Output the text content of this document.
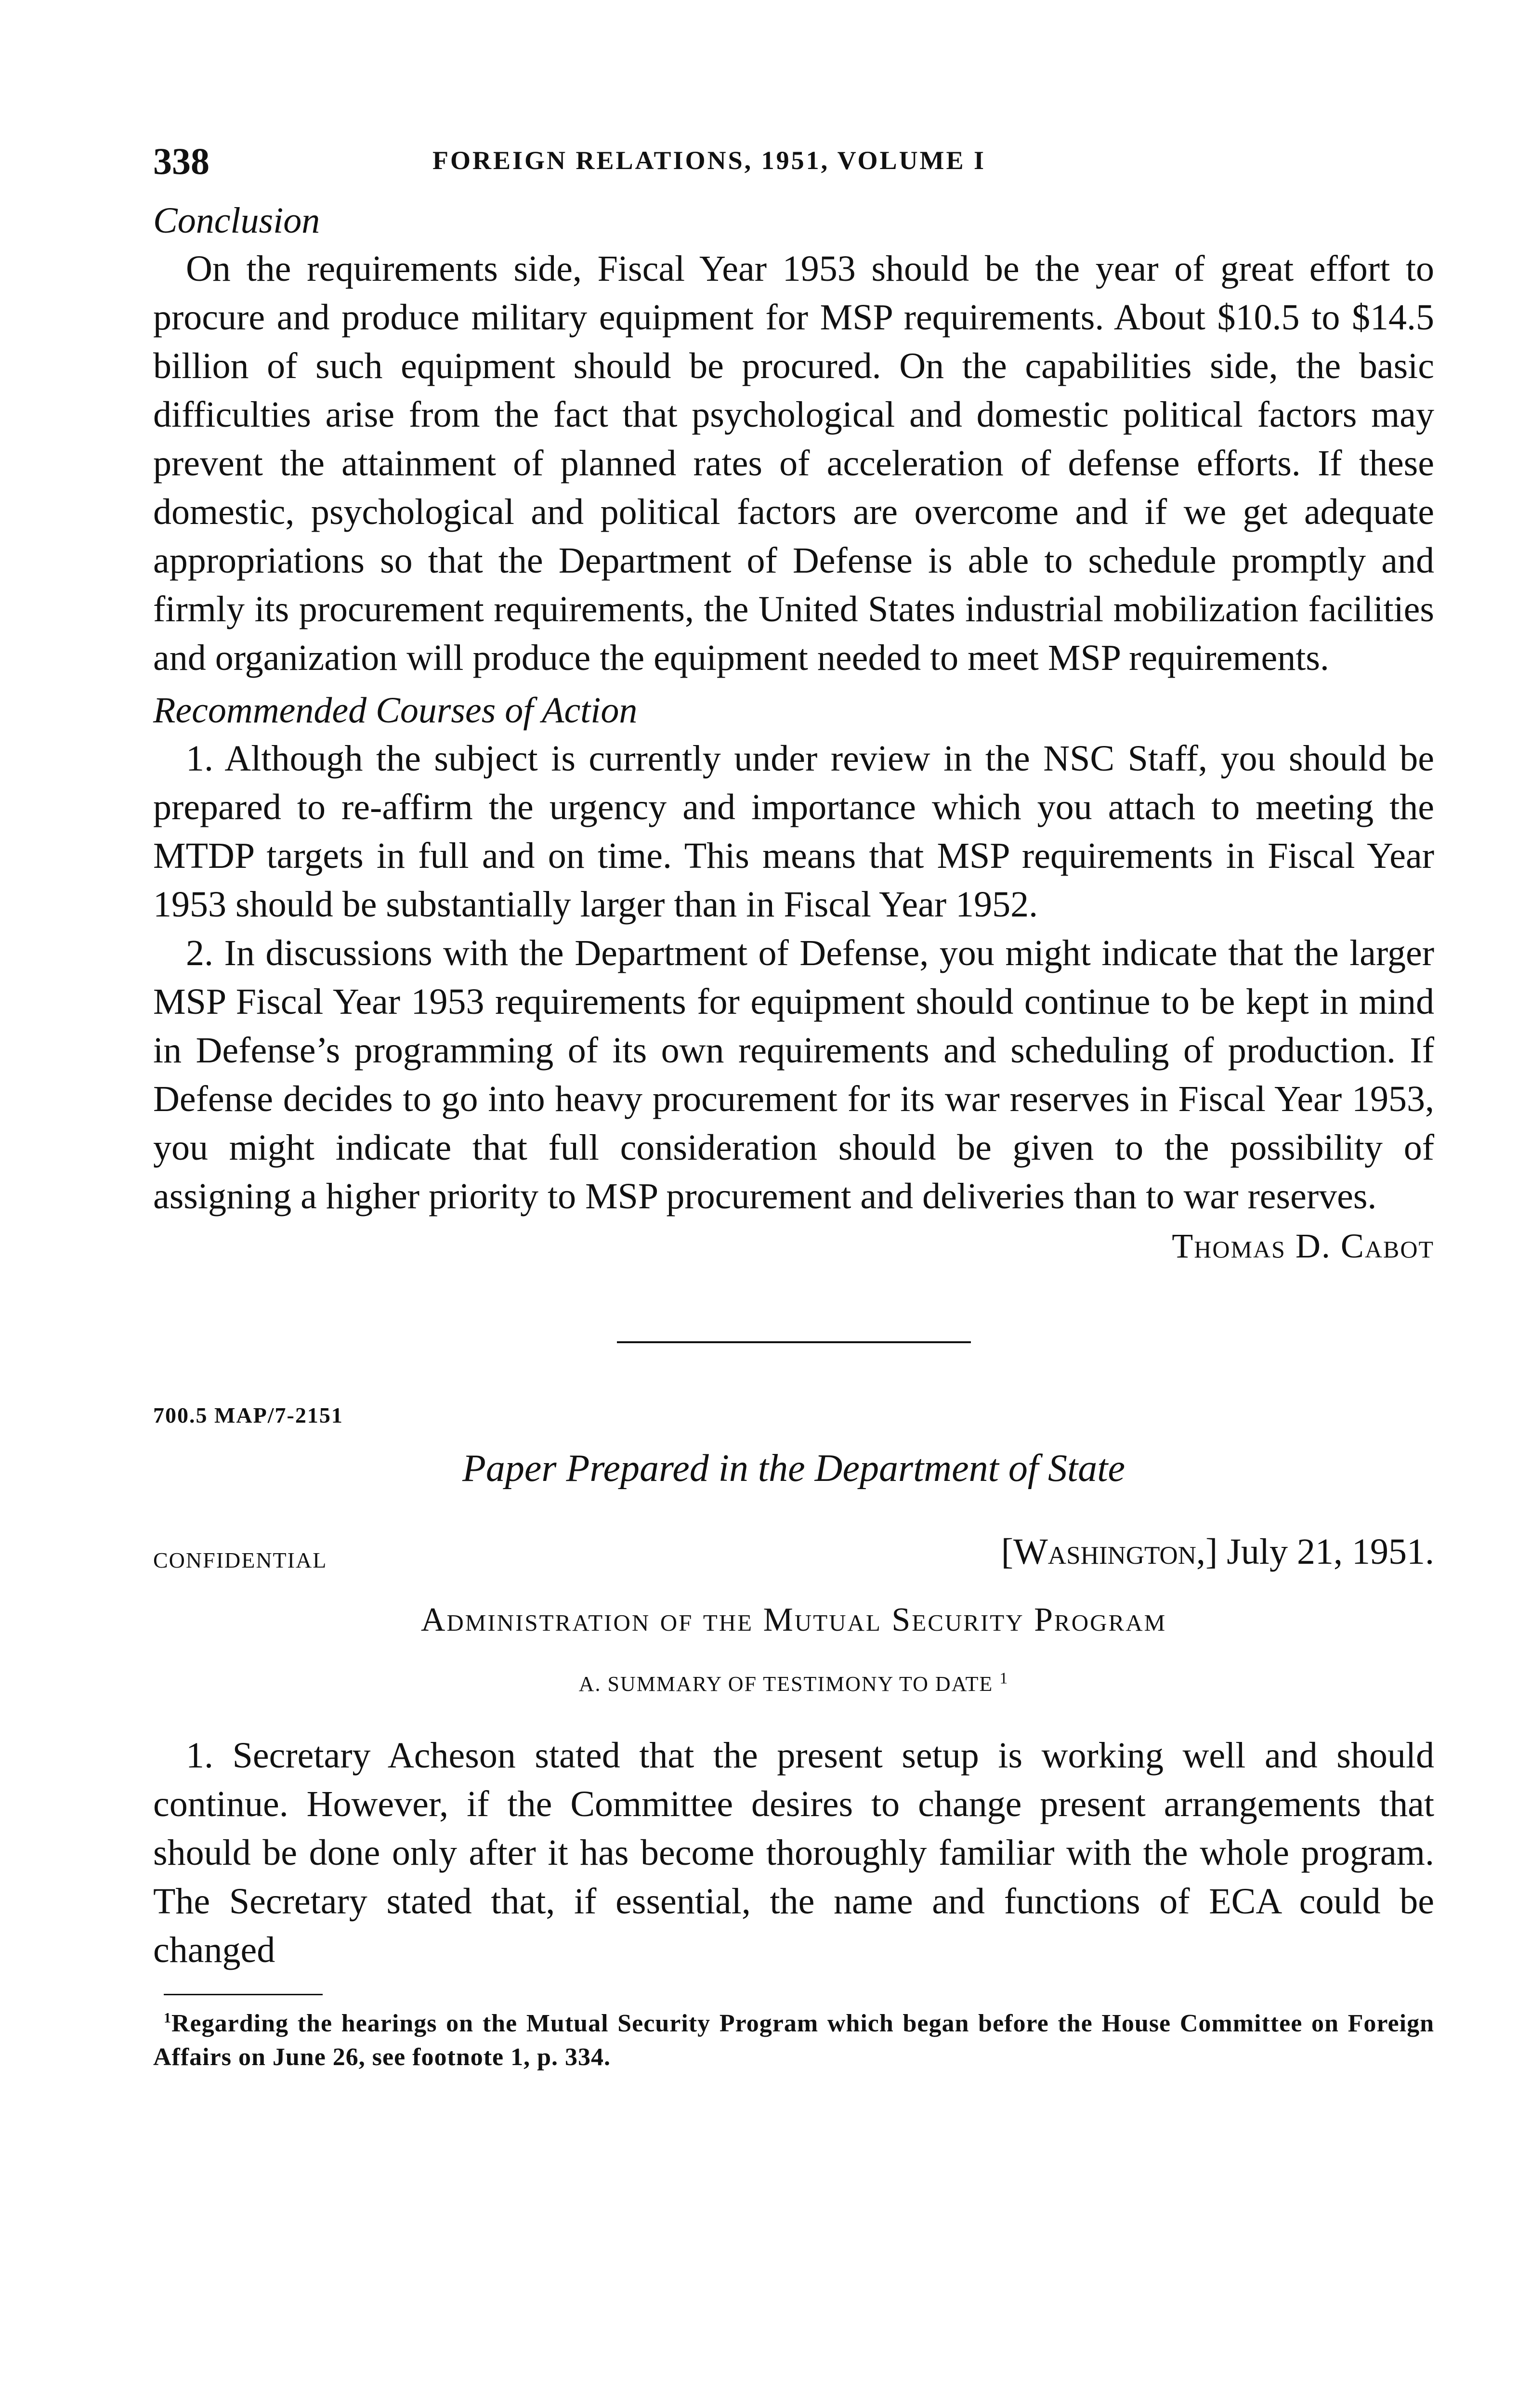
338	FOREIGN RELATIONS, 1951, VOLUME I

Conclusion

On the requirements side, Fiscal Year 1953 should be the year of great effort to procure and produce military equipment for MSP requirements. About $10.5 to $14.5 billion of such equipment should be procured. On the capabilities side, the basic difficulties arise from the fact that psychological and domestic political factors may prevent the attainment of planned rates of acceleration of defense efforts. If these domestic, psychological and political factors are overcome and if we get adequate appropriations so that the Department of Defense is able to schedule promptly and firmly its procurement requirements, the United States industrial mobilization facilities and organization will produce the equipment needed to meet MSP requirements.

Recommended Courses of Action

1. Although the subject is currently under review in the NSC Staff, you should be prepared to re-affirm the urgency and importance which you attach to meeting the MTDP targets in full and on time. This means that MSP requirements in Fiscal Year 1953 should be substantially larger than in Fiscal Year 1952.

2. In discussions with the Department of Defense, you might indicate that the larger MSP Fiscal Year 1953 requirements for equipment should continue to be kept in mind in Defense’s programming of its own requirements and scheduling of production. If Defense decides to go into heavy procurement for its war reserves in Fiscal Year 1953, you might indicate that full consideration should be given to the possibility of assigning a higher priority to MSP procurement and deliveries than to war reserves.

Thomas D. Cabot

700.5 MAP/7-2151

Paper Prepared in the Department of State

CONFIDENTIAL	[Washington,] July 21, 1951.
Administration of the Mutual Security Program
A. SUMMARY OF TESTIMONY TO DATE $^1$

1. Secretary Acheson stated that the present setup is working well and should continue. However, if the Committee desires to change present arrangements that should be done only after it has become thoroughly familiar with the whole program. The Secretary stated that, if essential, the name and functions of ECA could be changed

$^1$Regarding the hearings on the Mutual Security Program which began before the House Committee on Foreign Affairs on June 26, see footnote 1, p. 334.
